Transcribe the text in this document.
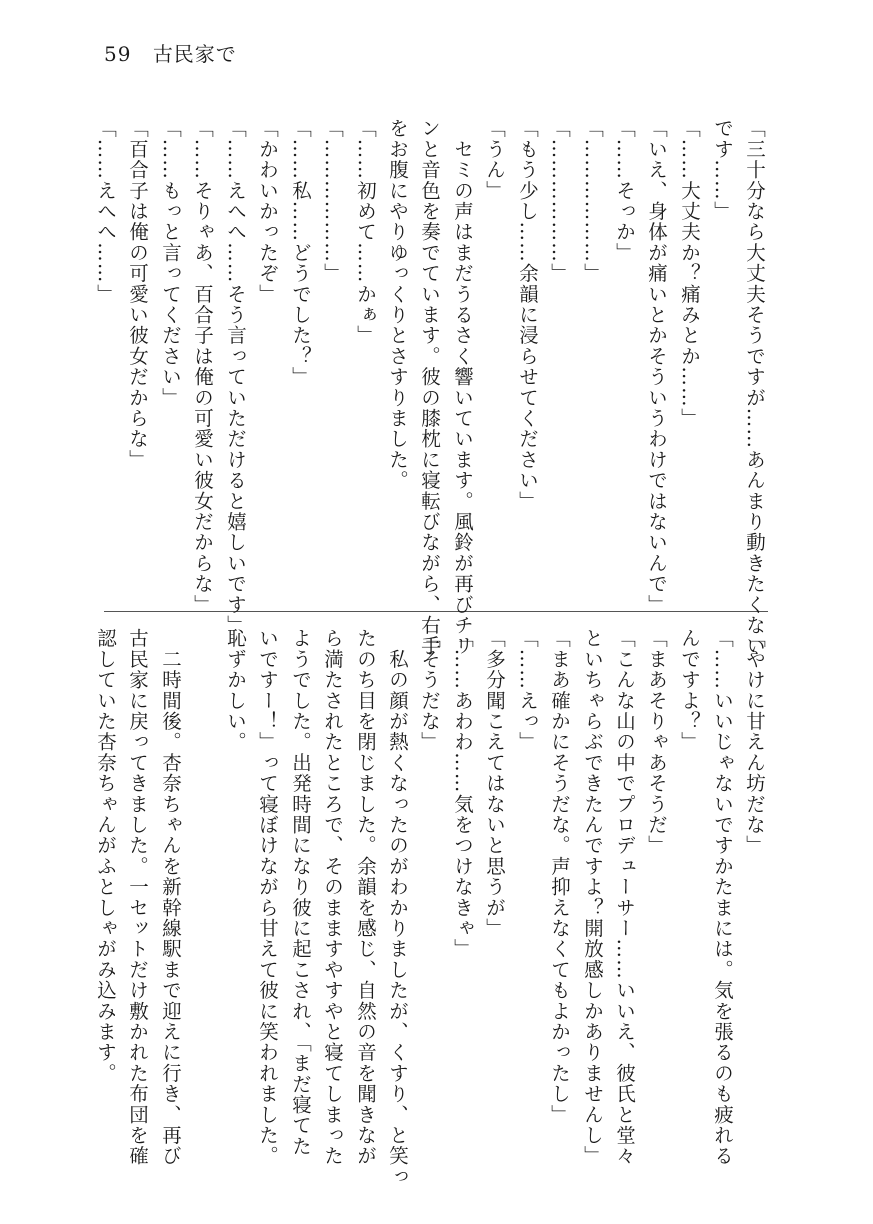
59 古民家で
「三十分なら大丈夫そうですが……あんまり動きたくない
です……」
「……大丈夫か？痛みとか……」
「いえ、身体が痛いとかそういうわけではないんで」
「……そっか」
「………………」
「………………」
「もう少し……余韻に浸らせてください」
「うん」
　セミの声はまだうるさく響いています。風鈴が再びチリ
ンと音色を奏でています。彼の膝枕に寝転びながら、右手
をお腹にやりゆっくりとさすりました。
「……初めて……かぁ」
「………………」
「……私……どうでした？」
「かわいかったぞ」
「……えへへ……そう言っていただけると嬉しいです」
「……そりゃあ、百合子は俺の可愛い彼女だからな」
「……もっと言ってください」
「百合子は俺の可愛い彼女だからな」
「……えへへ……」
「やけに甘えん坊だな」
「……いいじゃないですかたまには。気を張るのも疲れる
んですよ？」
「まあそりゃあそうだ」
「こんな山の中でプロデューサー……いいえ、彼氏と堂々
といちゃらぶできたんですよ？開放感しかありませんし」
「まあ確かにそうだな。声抑えなくてもよかったし」
「……えっ」
「多分聞こえてはないと思うが」
「……あわわ……気をつけなきゃ」
「そうだな」
　私の顔が熱くなったのがわかりましたが、くすり、と笑っ
たのち目を閉じました。余韻を感じ、自然の音を聞きなが
ら満たされたところで、そのまますやすやと寝てしまった
ようでした。出発時間になり彼に起こされ、「まだ寝てた
いですー！」って寝ぼけながら甘えて彼に笑われました。
恥ずかしい。
　二時間後。杏奈ちゃんを新幹線駅まで迎えに行き、再び
古民家に戻ってきました。一セットだけ敷かれた布団を確
認していた杏奈ちゃんがふとしゃがみ込みます。
